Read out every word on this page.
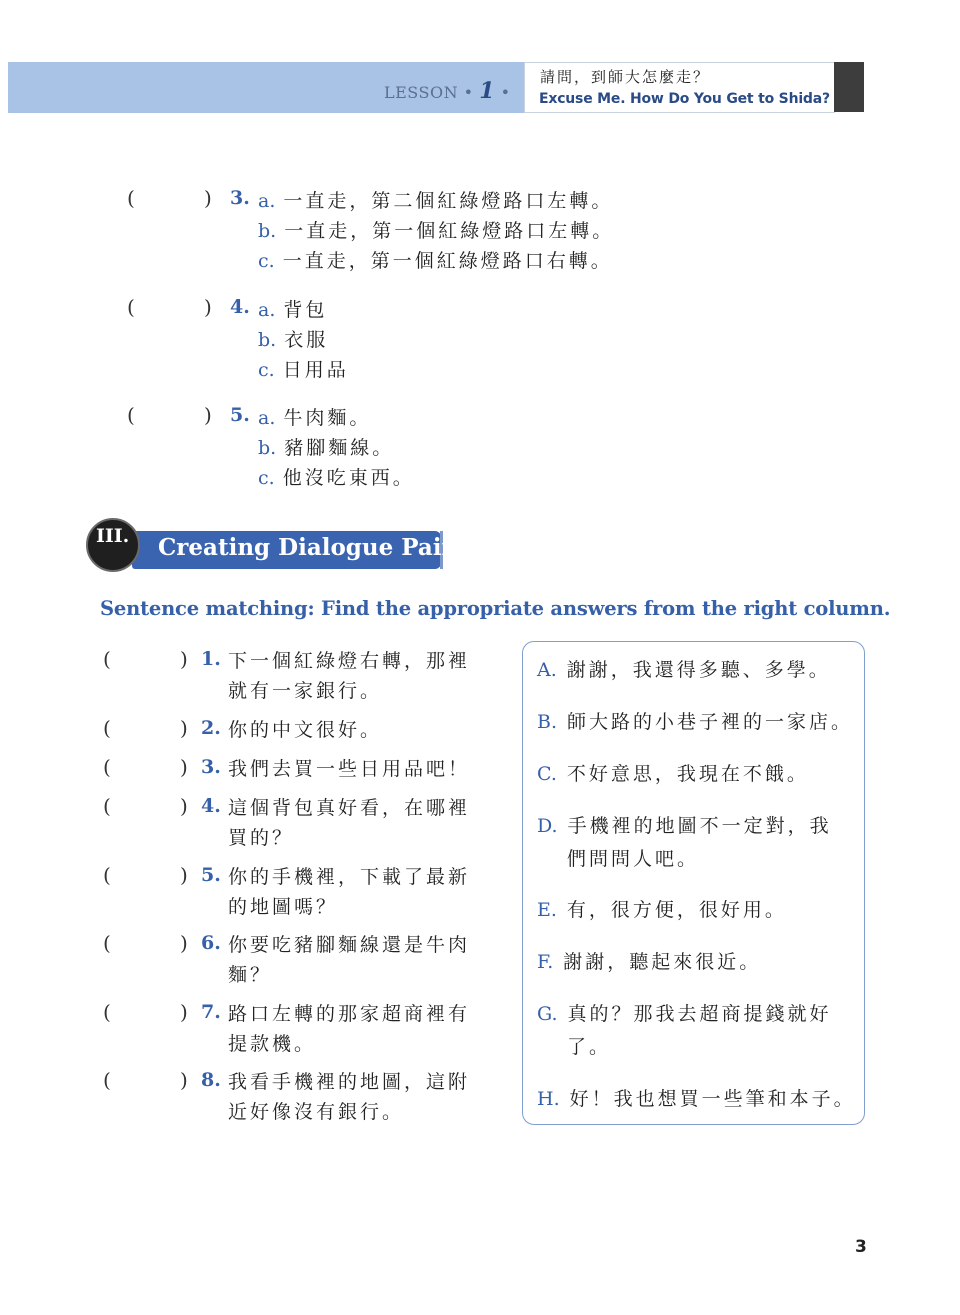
LESSON • 1 •
請問，到師大怎麼走？
Excuse Me. How Do You Get to Shida?
(	) 3. a. 一直走，第二個紅綠燈路口左轉。
b. 一直走，第一個紅綠燈路口左轉。
c. 一直走，第一個紅綠燈路口右轉。
(	) 4. a. 背包
b. 衣服
c. 日用品
(	) 5. a. 牛肉麵。
b. 豬腳麵線。
c. 他沒吃東西。
Creating Dialogue Pairs
III.
Sentence matching: Find the appropriate answers from the right column.
(	) 1. 下一個紅綠燈右轉，那裡
就有一家銀行。
(	) 2. 你的中文很好。
(	) 3. 我們去買一些日用品吧！
(	) 4. 這個背包真好看，在哪裡
買的？
(	) 5. 你的手機裡，下載了最新
的地圖嗎？
(	) 6. 你要吃豬腳麵線還是牛肉
麵？
(	) 7. 路口左轉的那家超商裡有
提款機。
(	) 8. 我看手機裡的地圖，這附
近好像沒有銀行。
A. 謝謝，我還得多聽、多學。
B. 師大路的小巷子裡的一家店。
C. 不好意思，我現在不餓。
D. 手機裡的地圖不一定對，我
們問問人吧。
E. 有，很方便，很好用。
F. 謝謝，聽起來很近。
G. 真的？那我去超商提錢就好
了。
H. 好！我也想買一些筆和本子。
3
